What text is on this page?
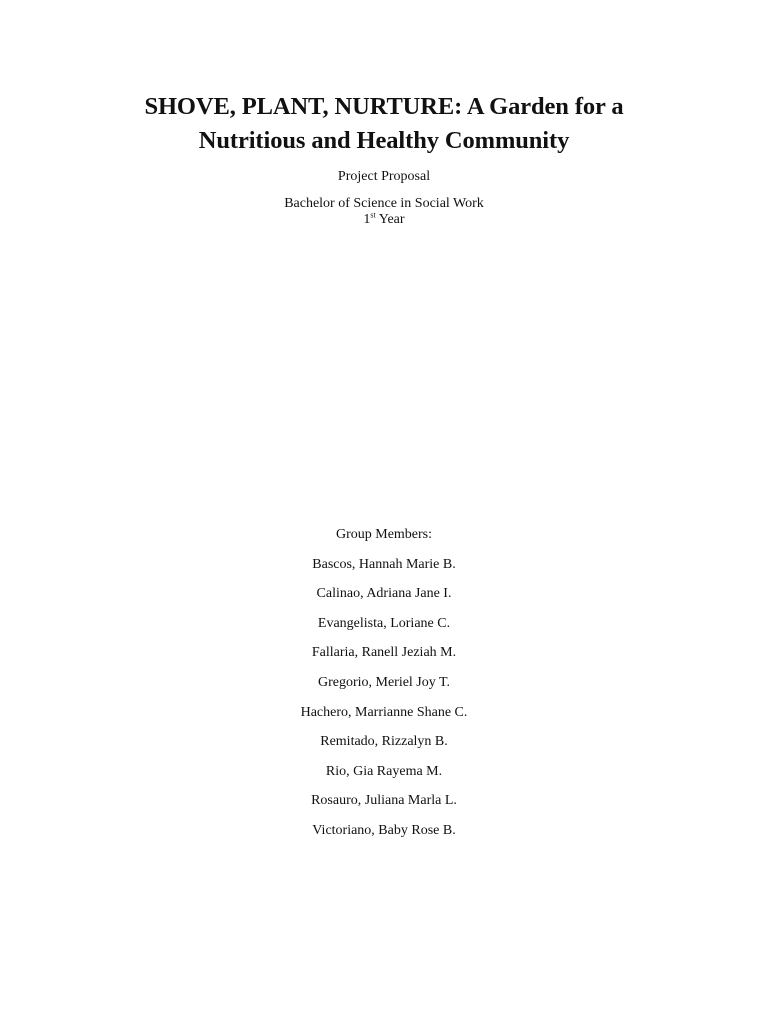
SHOVE, PLANT, NURTURE: A Garden for a
Nutritious and Healthy Community

Project Proposal

Bachelor of Science in Social Work
1st Year
Group Members:
Bascos, Hannah Marie B.
Calinao, Adriana Jane I.
Evangelista, Loriane C.
Fallaria, Ranell Jeziah M.
Gregorio, Meriel Joy T.
Hachero, Marrianne Shane C.
Remitado, Rizzalyn B.
Rio, Gia Rayema M.
Rosauro, Juliana Marla L.
Victoriano, Baby Rose B.
